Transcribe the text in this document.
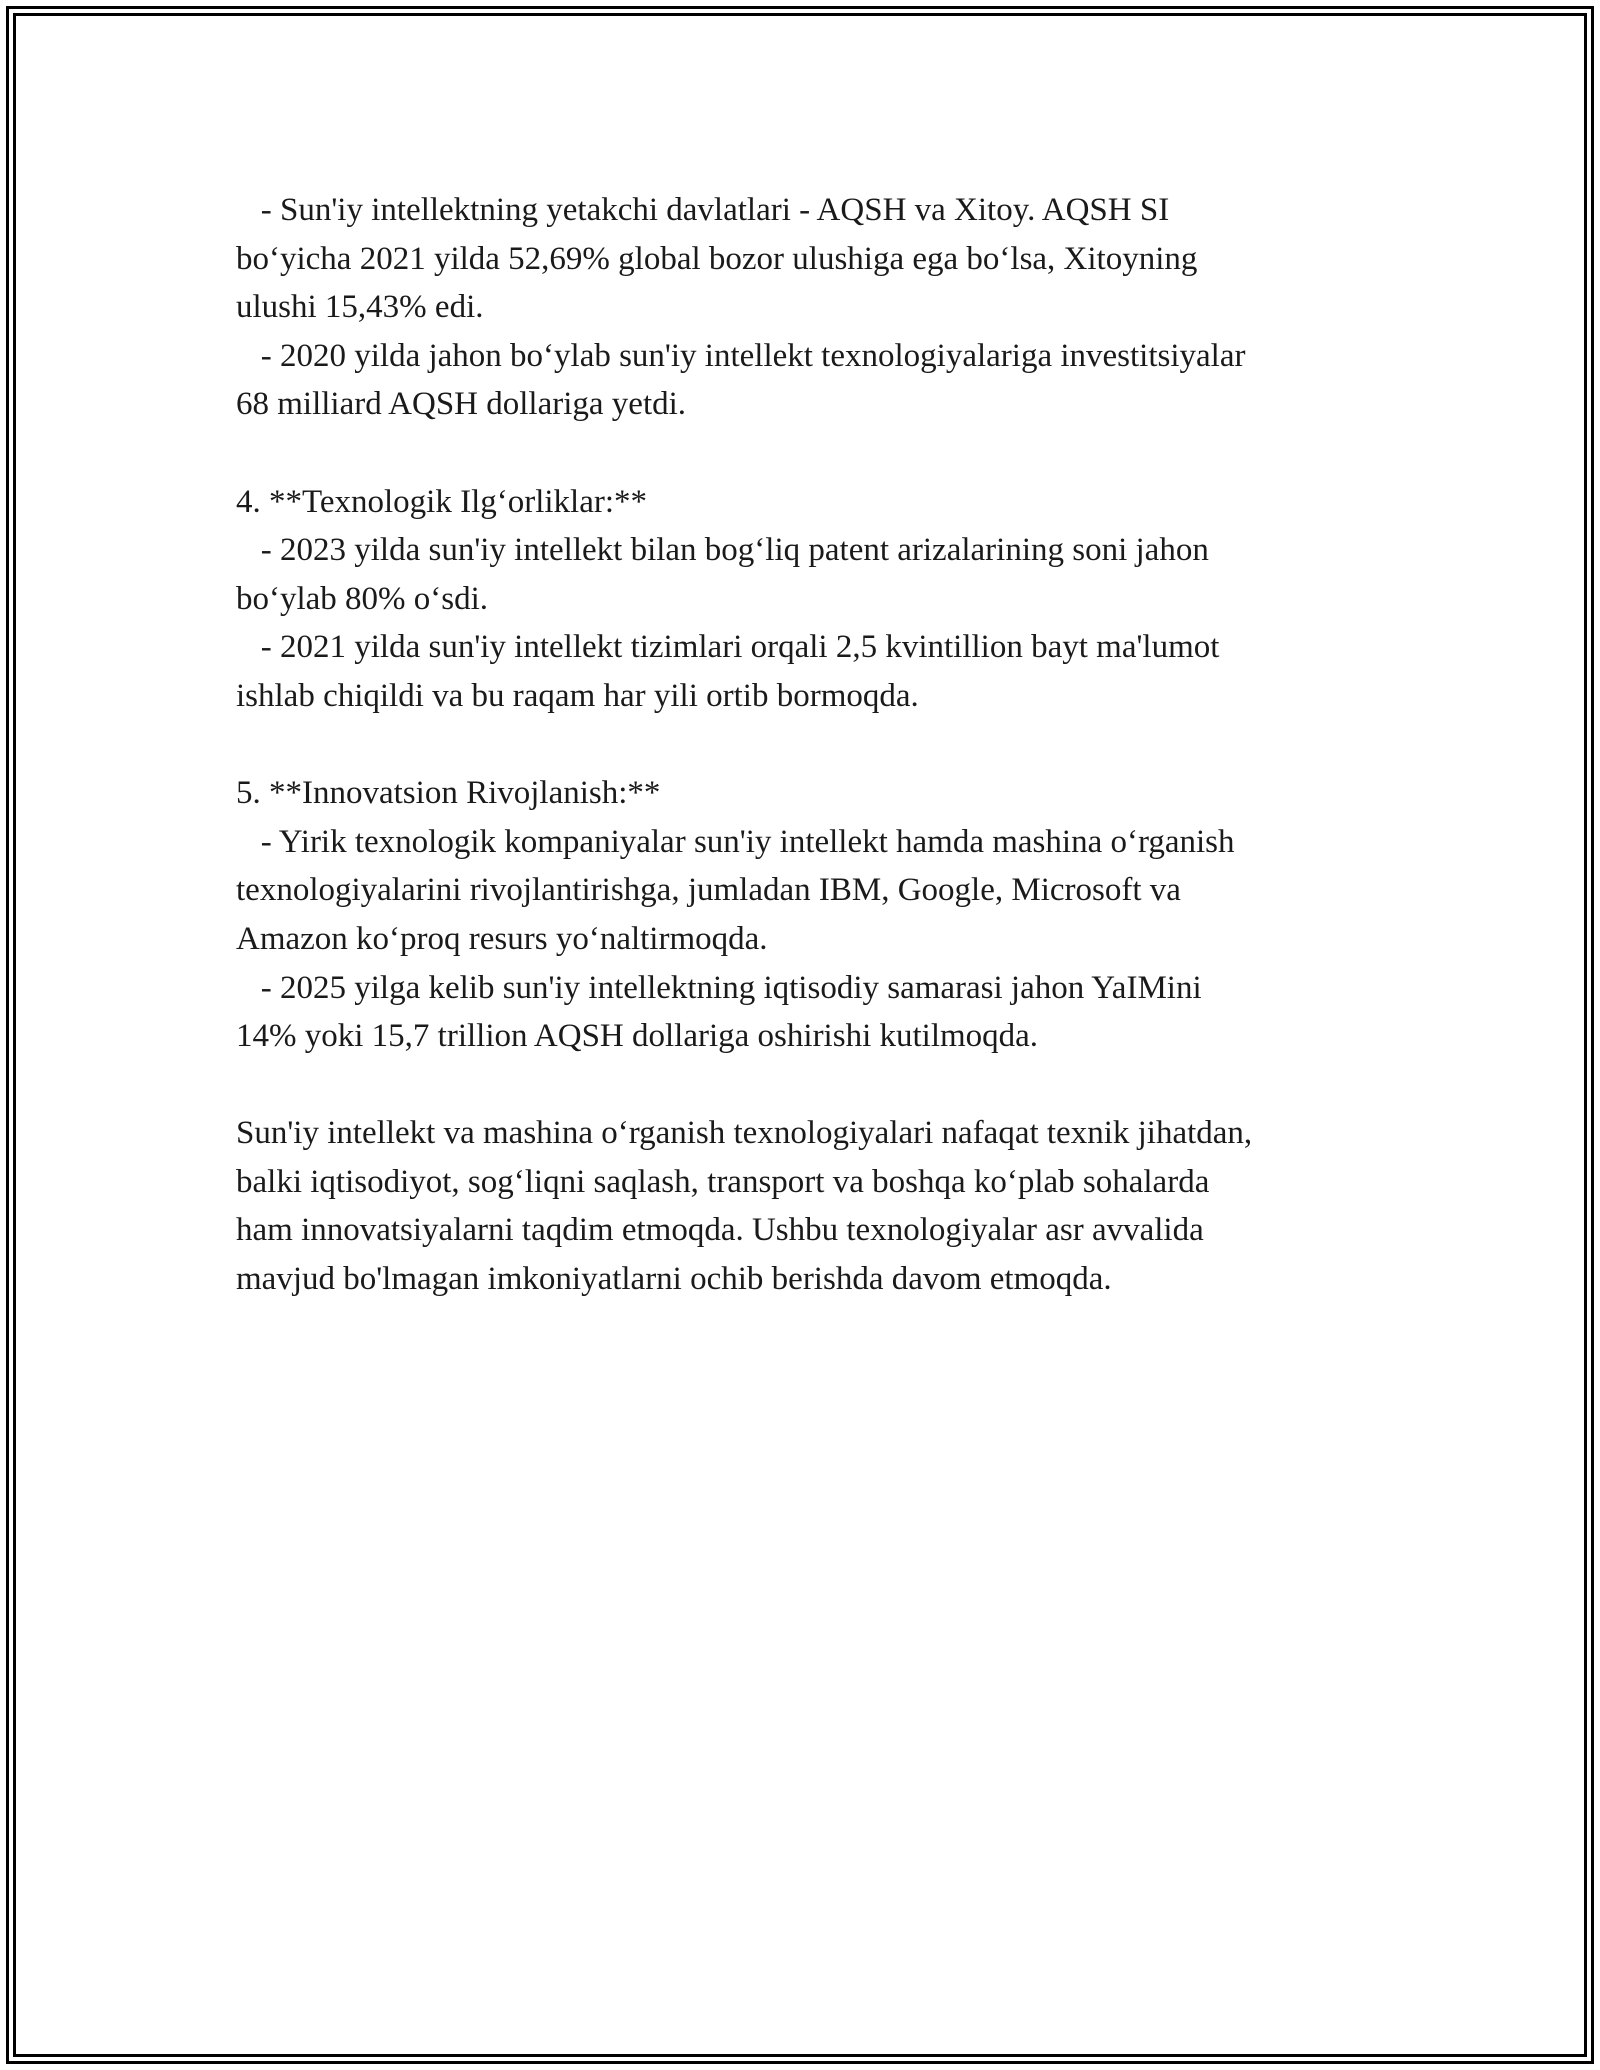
- Sun'iy intellektning yetakchi davlatlari - AQSH va Xitoy. AQSH SI

bo‘yicha 2021 yilda 52,69% global bozor ulushiga ega bo‘lsa, Xitoyning

ulushi 15,43% edi.

- 2020 yilda jahon bo‘ylab sun'iy intellekt texnologiyalariga investitsiyalar

68 milliard AQSH dollariga yetdi.

4. **Texnologik Ilg‘orliklar:**

- 2023 yilda sun'iy intellekt bilan bog‘liq patent arizalarining soni jahon

bo‘ylab 80% o‘sdi.

- 2021 yilda sun'iy intellekt tizimlari orqali 2,5 kvintillion bayt ma'lumot

ishlab chiqildi va bu raqam har yili ortib bormoqda.

5. **Innovatsion Rivojlanish:**

- Yirik texnologik kompaniyalar sun'iy intellekt hamda mashina o‘rganish

texnologiyalarini rivojlantirishga, jumladan IBM, Google, Microsoft va

Amazon ko‘proq resurs yo‘naltirmoqda.

- 2025 yilga kelib sun'iy intellektning iqtisodiy samarasi jahon YaIMini

14% yoki 15,7 trillion AQSH dollariga oshirishi kutilmoqda.

Sun'iy intellekt va mashina o‘rganish texnologiyalari nafaqat texnik jihatdan,

balki iqtisodiyot, sog‘liqni saqlash, transport va boshqa ko‘plab sohalarda

ham innovatsiyalarni taqdim etmoqda. Ushbu texnologiyalar asr avvalida

mavjud bo'lmagan imkoniyatlarni ochib berishda davom etmoqda.
